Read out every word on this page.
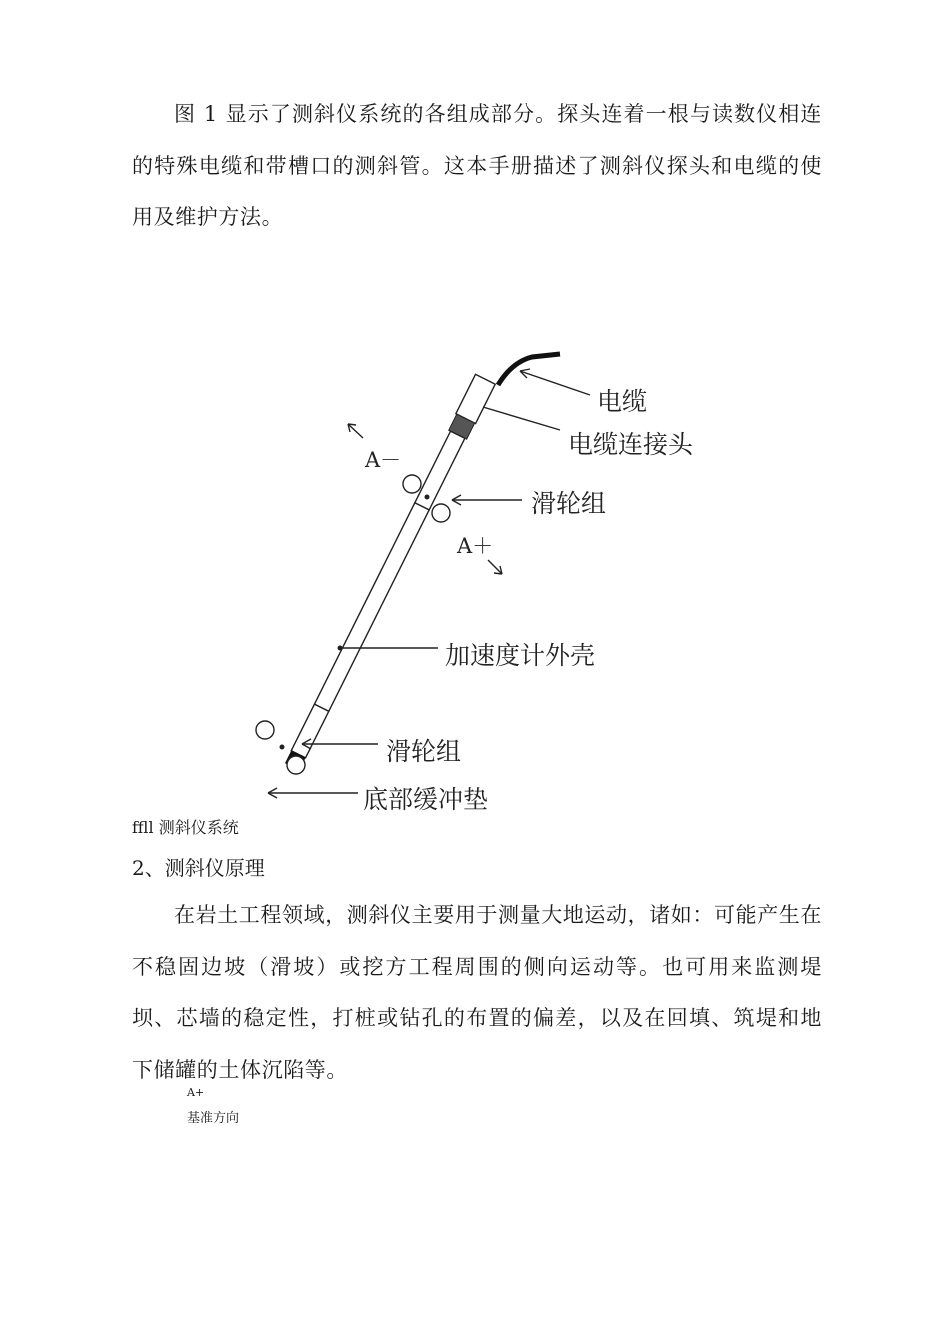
图 1 显示了测斜仪系统的各组成部分。探头连着一根与读数仪相连的特殊电缆和带槽口的测斜管。这本手册描述了测斜仪探头和电缆的使用及维护方法。

电缆
电缆连接头
滑轮组
加速度计外壳
滑轮组
底部缓冲垫
A－
A＋
ffll 测斜仪系统
2、测斜仪原理

在岩土工程领域，测斜仪主要用于测量大地运动，诸如：可能产生在不稳固边坡（滑坡）或挖方工程周围的侧向运动等。也可用来监测堤坝、芯墙的稳定性，打桩或钻孔的布置的偏差，以及在回填、筑堤和地下储罐的土体沉陷等。

A+
基准方向
